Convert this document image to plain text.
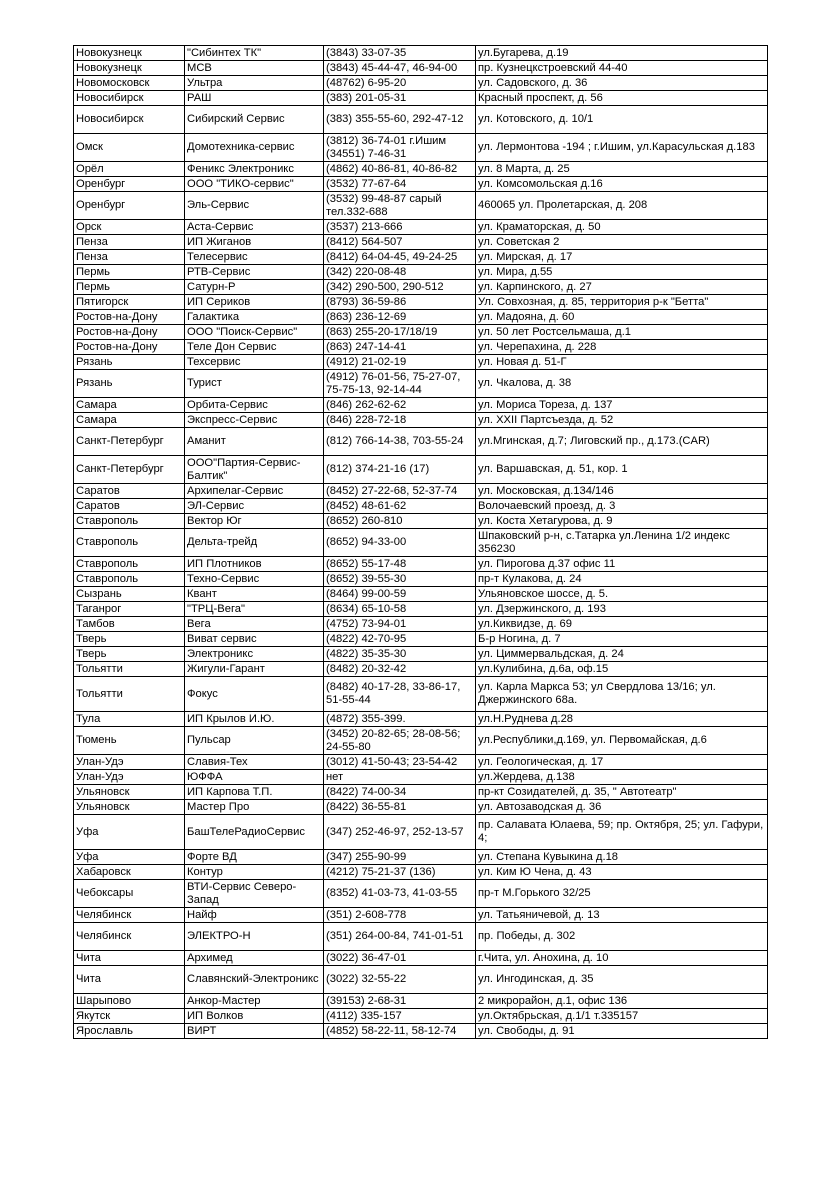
Новокузнецк	"Сибинтех ТК"	(3843) 33-07-35	ул.Бугарева, д.19
Новокузнецк	МСВ	(3843) 45-44-47, 46-94-00	пр. Кузнецкстроевский 44-40
Новомосковск	Ультра	(48762) 6-95-20	ул. Садовского, д. 36
Новосибирск	РАШ	(383) 201-05-31	Красный проспект, д. 56
Новосибирск	Сибирский Сервис	(383) 355-55-60, 292-47-12	ул. Котовского, д. 10/1
Омск	Домотехника-сервис	(3812) 36-74-01 г.Ишим (34551) 7-46-31	ул. Лермонтова -194 ; г.Ишим, ул.Карасульская д.183
Орёл	Феникс Электроникс	(4862) 40-86-81, 40-86-82	ул. 8 Марта, д. 25
Оренбург	ООО "ТИКО-сервис"	(3532) 77-67-64	ул. Комсомольская д.16
Оренбург	Эль-Сервис	(3532) 99-48-87 сарый тел.332-688	460065 ул. Пролетарская, д. 208
Орск	Аста-Сервис	(3537) 213-666	ул. Краматорская, д. 50
Пенза	ИП Жиганов	(8412) 564-507	ул. Советская 2
Пенза	Телесервис	(8412) 64-04-45, 49-24-25	ул. Мирская, д. 17
Пермь	РТВ-Сервис	(342) 220-08-48	ул. Мира, д.55
Пермь	Сатурн-Р	(342) 290-500, 290-512	ул. Карпинского, д. 27
Пятигорск	ИП Сериков	(8793) 36-59-86	Ул. Совхозная, д. 85, территория р-к "Бетта"
Ростов-на-Дону	Галактика	(863) 236-12-69	ул. Мадояна, д. 60
Ростов-на-Дону	ООО "Поиск-Сервис"	(863) 255-20-17/18/19	ул. 50 лет Ростсельмаша, д.1
Ростов-на-Дону	Теле Дон Сервис	(863) 247-14-41	ул. Черепахина, д. 228
Рязань	Техсервис	(4912) 21-02-19	ул. Новая д. 51-Г
Рязань	Турист	(4912) 76-01-56, 75-27-07, 75-75-13, 92-14-44	ул. Чкалова, д. 38
Самара	Орбита-Сервис	(846) 262-62-62	ул. Мориса Тореза, д. 137
Самара	Экспресс-Сервис	(846) 228-72-18	ул. XXII Партсъезда, д. 52
Санкт-Петербург	Аманит	(812) 766-14-38, 703-55-24	ул.Мгинская, д.7; Лиговский пр., д.173.(CAR)
Санкт-Петербург	ООО"Партия-Сервис-Балтик"	(812) 374-21-16 (17)	ул. Варшавская, д. 51, кор. 1
Саратов	Архипелаг-Сервис	(8452) 27-22-68, 52-37-74	ул. Московская, д.134/146
Саратов	ЭЛ-Сервис	(8452) 48-61-62	Волочаевский проезд, д. 3
Ставрополь	Вектор Юг	(8652) 260-810	ул. Коста Хетагурова, д. 9
Ставрополь	Дельта-трейд	(8652) 94-33-00	Шпаковский р-н, с.Татарка ул.Ленина 1/2 индекс 356230
Ставрополь	ИП Плотников	(8652) 55-17-48	ул. Пирогова д.37 офис 11
Ставрополь	Техно-Сервис	(8652) 39-55-30	пр-т Кулакова, д. 24
Сызрань	Квант	(8464) 99-00-59	Ульяновское шоссе, д. 5.
Таганрог	"ТРЦ-Вега"	(8634) 65-10-58	ул. Дзержинского, д. 193
Тамбов	Вега	(4752) 73-94-01	ул.Киквидзе, д. 69
Тверь	Виват сервис	(4822) 42-70-95	Б-р Ногина, д. 7
Тверь	Электроникс	(4822) 35-35-30	ул. Циммервальдская, д. 24
Тольятти	Жигули-Гарант	(8482) 20-32-42	ул.Кулибина, д.6а, оф.15
Тольятти	Фокус	(8482) 40-17-28, 33-86-17, 51-55-44	ул. Карла Маркса 53; ул Свердлова 13/16; ул. Джержинского 68а.
Тула	ИП Крылов И.Ю.	(4872) 355-399.	ул.Н.Руднева д.28
Тюмень	Пульсар	(3452) 20-82-65; 28-08-56; 24-55-80	ул.Республики,д.169, ул. Первомайская, д.6
Улан-Удэ	Славия-Тех	(3012) 41-50-43; 23-54-42	ул. Геологическая, д. 17
Улан-Удэ	ЮФФА	нет	ул.Жердева, д.138
Ульяновск	ИП Карпова Т.П.	(8422) 74-00-34	пр-кт Созидателей, д. 35, " Автотеатр"
Ульяновск	Мастер Про	(8422) 36-55-81	ул. Автозаводская д. 36
Уфа	БашТелеРадиоСервис	(347) 252-46-97, 252-13-57	пр. Салавата Юлаева, 59; пр. Октября, 25; ул. Гафури, 4;
Уфа	Форте ВД	(347) 255-90-99	ул. Степана Кувыкина д.18
Хабаровск	Контур	(4212) 75-21-37 (136)	ул. Ким Ю Чена, д. 43
Чебоксары	ВТИ-Сервис Северо-Запад	(8352) 41-03-73, 41-03-55	пр-т М.Горького 32/25
Челябинск	Найф	(351) 2-608-778	ул. Татьяничевой, д. 13
Челябинск	ЭЛЕКТРО-Н	(351) 264-00-84, 741-01-51	пр. Победы, д. 302
Чита	Архимед	(3022) 36-47-01	г.Чита, ул. Анохина, д. 10
Чита	Славянский-Электроникс	(3022) 32-55-22	ул. Ингодинская, д. 35
Шарыпово	Анкор-Мастер	(39153) 2-68-31	2 микрорайон, д.1, офис 136
Якутск	ИП Волков	(4112) 335-157	ул.Октябрьская, д.1/1 т.335157
Ярославль	ВИРТ	(4852) 58-22-11, 58-12-74	ул. Свободы, д. 91
